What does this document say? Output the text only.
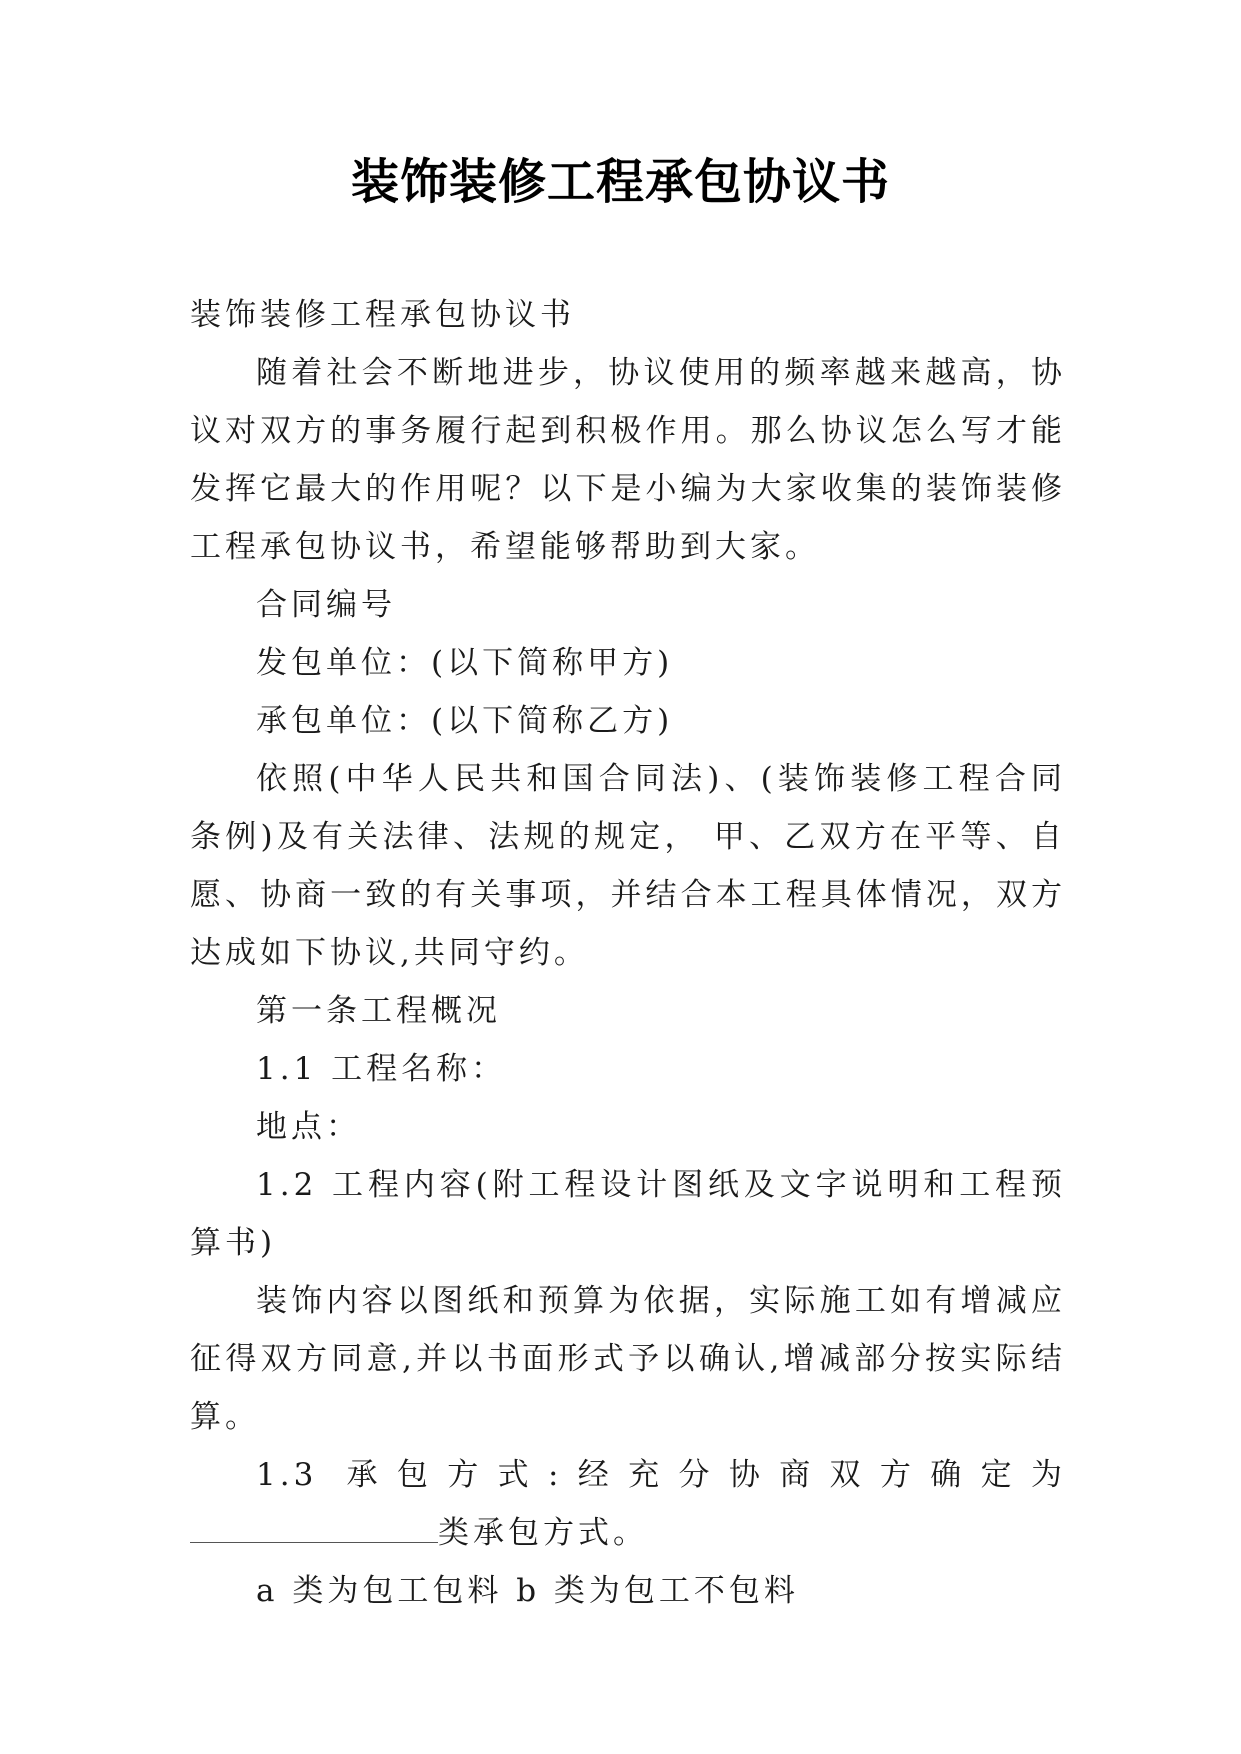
装饰装修工程承包协议书

装饰装修工程承包协议书

随着社会不断地进步，协议使用的频率越来越高，协议对双方的事务履行起到积极作用。那么协议怎么写才能发挥它最大的作用呢？以下是小编为大家收集的装饰装修工程承包协议书，希望能够帮助到大家。

合同编号

发包单位：(以下简称甲方)

承包单位：(以下简称乙方)

依照(中华人民共和国合同法)、(装饰装修工程合同条例)及有关法律、法规的规定， 甲、乙双方在平等、自愿、协商一致的有关事项，并结合本工程具体情况，双方达成如下协议,共同守约。

第一条工程概况

1.1 工程名称：

地点：

1.2 工程内容(附工程设计图纸及文字说明和工程预算书)

装饰内容以图纸和预算为依据，实际施工如有增减应征得双方同意,并以书面形式予以确认,增减部分按实际结算。

1.3 承包方式:经充分协商双方确定为类承包方式。

a 类为包工包料 b 类为包工不包料
